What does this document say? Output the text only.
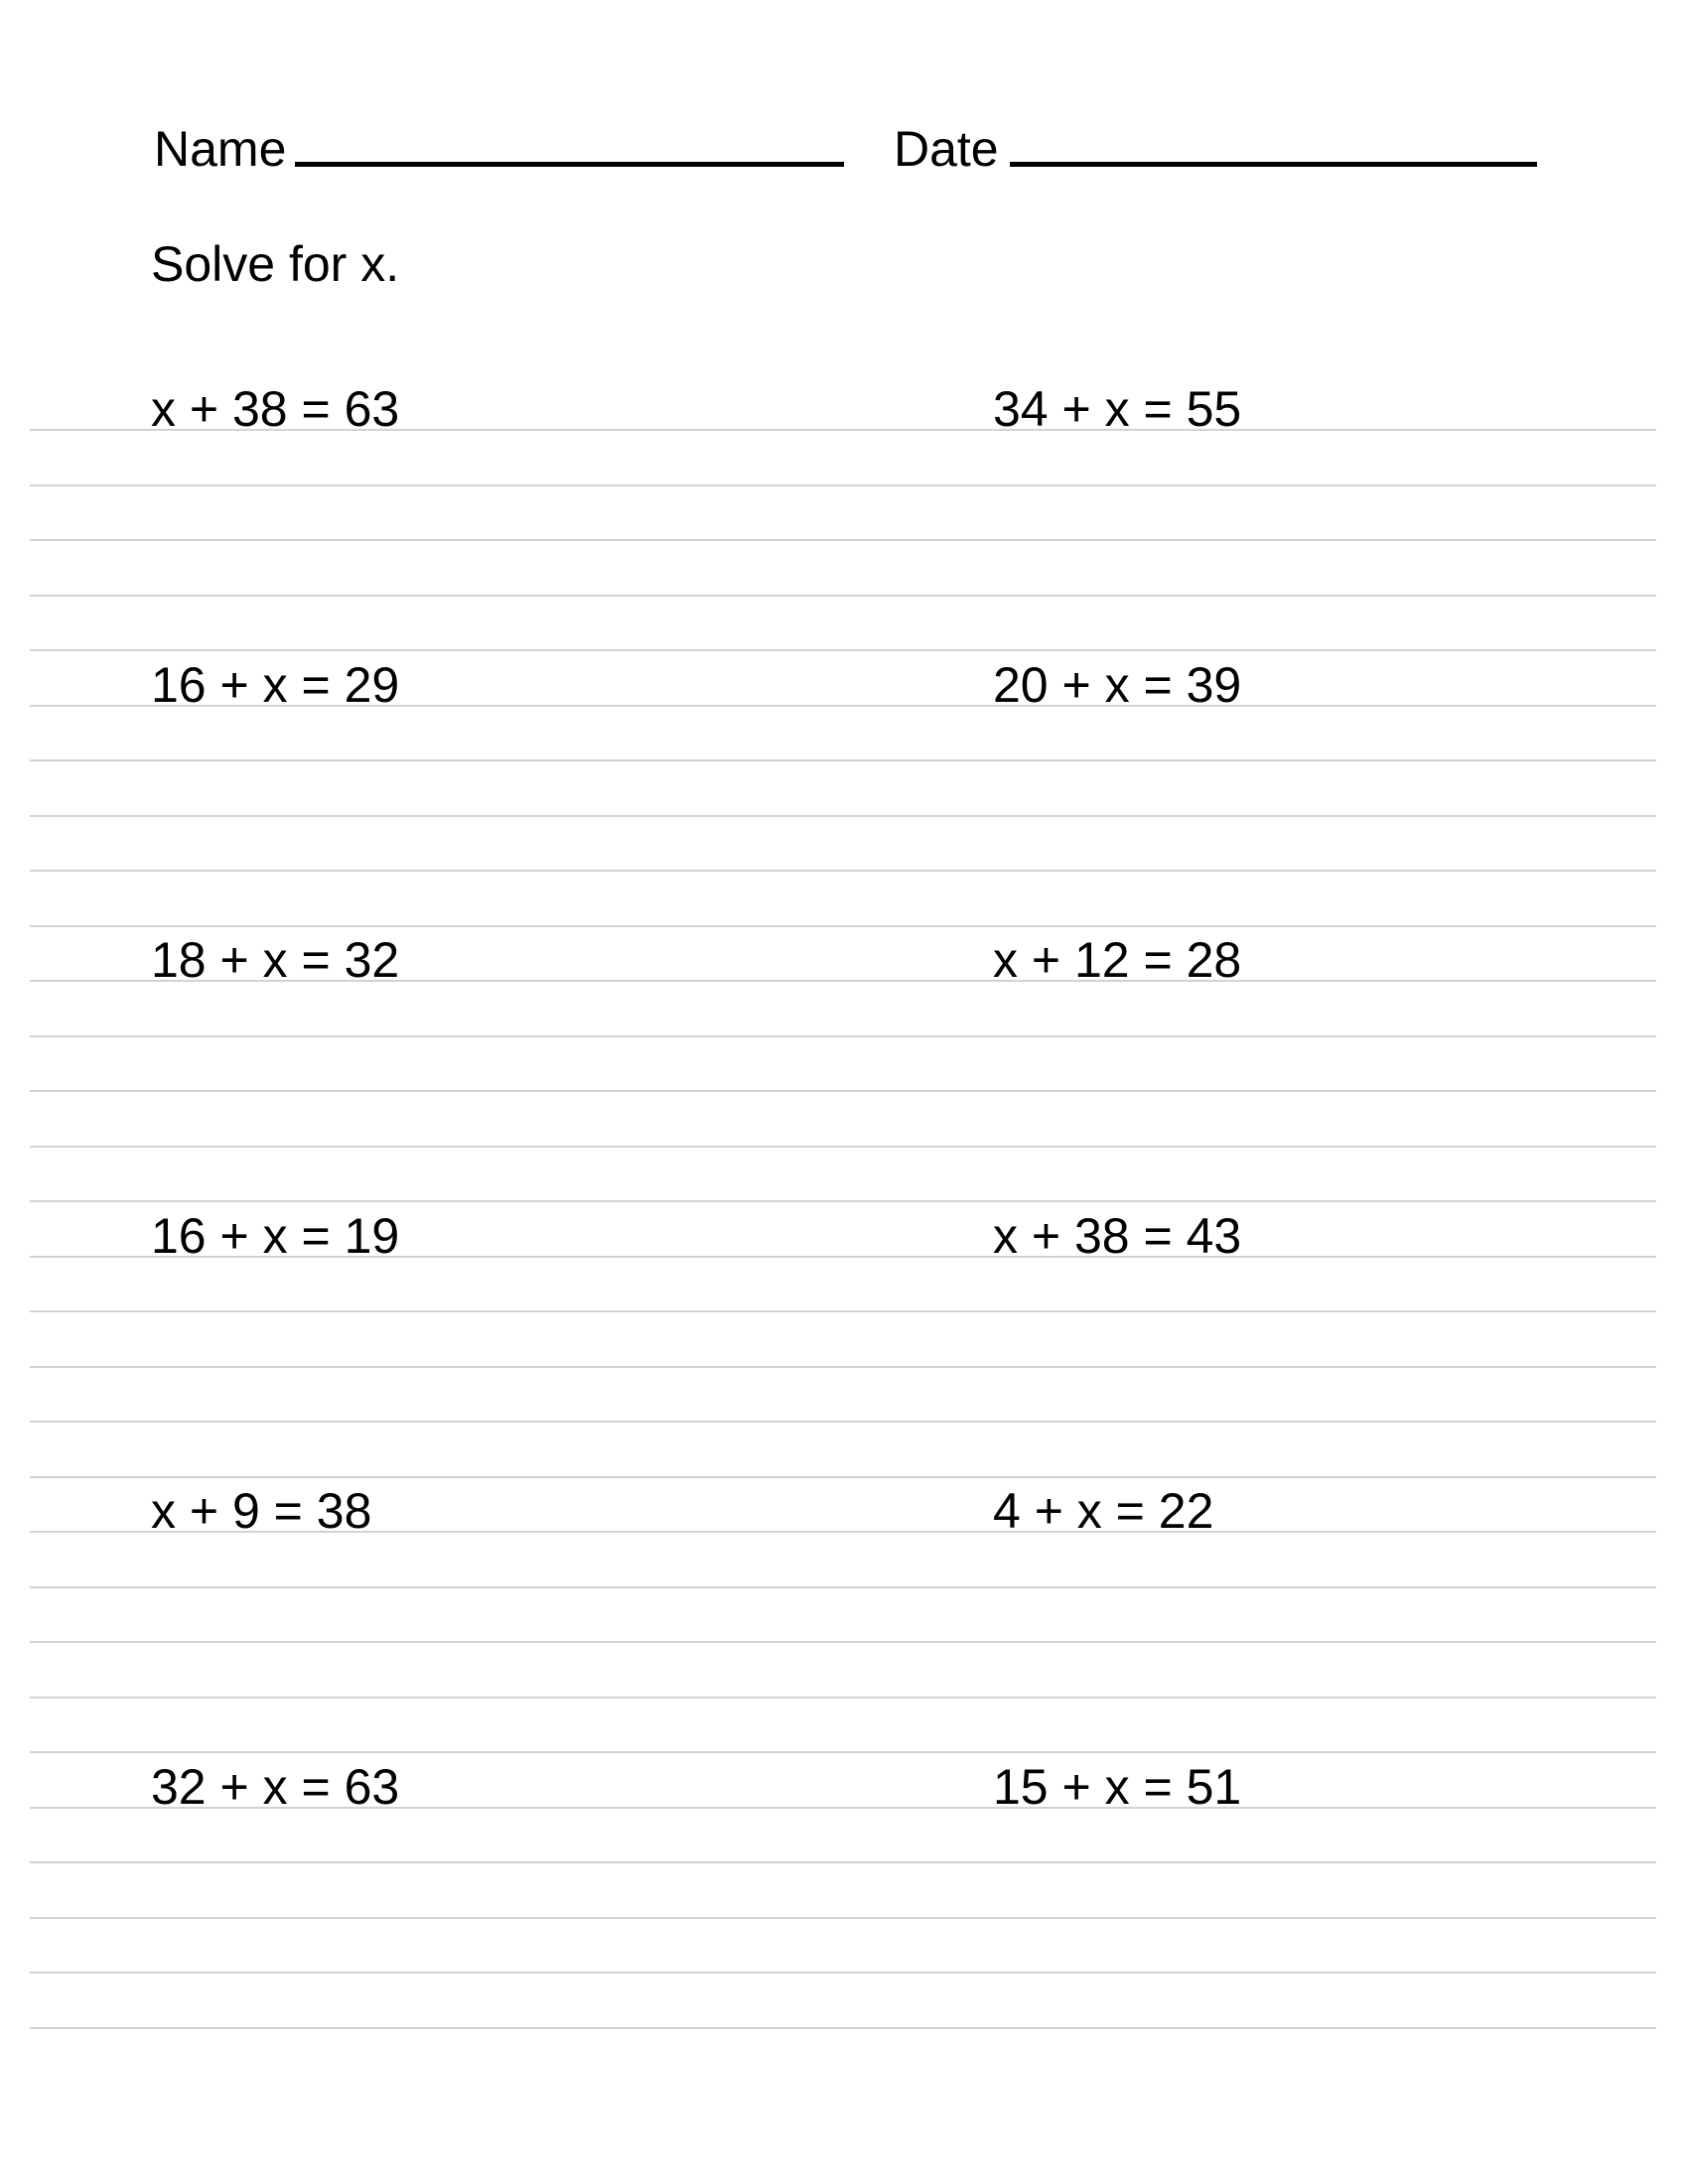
Name	Date
Solve for x.
x + 38 = 63	34 + x = 55
16 + x = 29	20 + x = 39
18 + x = 32	x + 12 = 28
16 + x = 19	x + 38 = 43
x + 9 = 38	4 + x = 22
32 + x = 63	15 + x = 51
